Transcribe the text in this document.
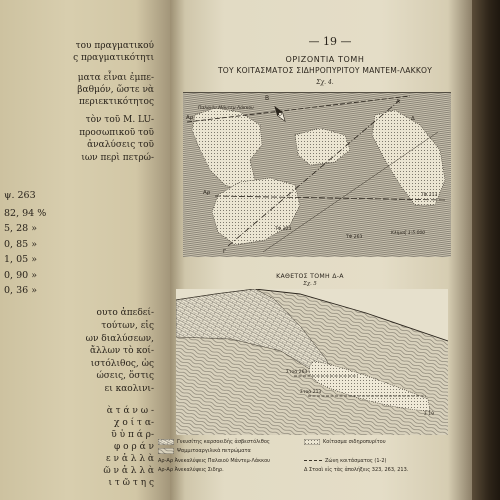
του πραγματικού
ς πραγματικότητι
ματα εἶναι ἐμπε-
βαθμόν, ὥστε νὰ
περιεκτικότητος
τὸν τοῦ Μ. LU-
προσωπικοῦ τοῦ
ἀναλύσεις τοῦ
ιων περὶ πετρώ-
ψ. 263
82, 94 %
5, 28 »
0, 85 »
1, 05 »
0, 90 »
0, 36 »
ουτο ἀπεδεί-
τούτων, εἰς
ων διαλύσεων,
ἄλλων τὸ κοί-
ιστόλιθος, ὡς
ώσεις, ὅστις
ει καολινι-
ὰ τ ά ν ω -
χ ο ί τ α-
ῦ ὑ π ά ρ-
φ ο ρ ά ν
ε ν ἀ λ λ ὰ
ῶ ν ἀ λ λ ὰ
ι τ ῶ τ η ς
— 19 —
ΟΡΙΖΟΝΤΙΑ ΤΟΜΗ
ΤΟΥ ΚΟΙΤΑΣΜΑΤΟΣ ΣΙΔΗΡΟΠΥΡΙΤΟΥ ΜΑΝΤΕΜ-ΛΑΚΚΟΥ
Σχ. 4.
Παλαιὸν Μάντεμ Λάκκου
Β	Α
Δ
Αρ
Αρ
Γ
ΤΦ 323
ΤΦ 263
ΤΦ 213
Κλίμαξ 1:5.000
ΚΑΘΕΤΟΣ ΤΟΜΗ Δ-Α
Σχ. 5
Στοά 263
Στοά 213
Σ 19
Γνευσίτης καρσοειδὴς ἀσβεστόλιθος	Κοίτασμα σιδηροπυρίτου
Ψαμμιτοαργιλικὰ πετρώματα
Αρ-Αρ Ἀνεκαλύψεις Παλαιοῦ Μάντεμ-Λάκκου	Ζώνη κοιτάσματος (1-2)
Αρ-Αρ Ἀνεκαλύψεις Σιδηρ.	Δ Στοαὶ εἰς τὰς ἀπολήξεις 323, 263, 213.
